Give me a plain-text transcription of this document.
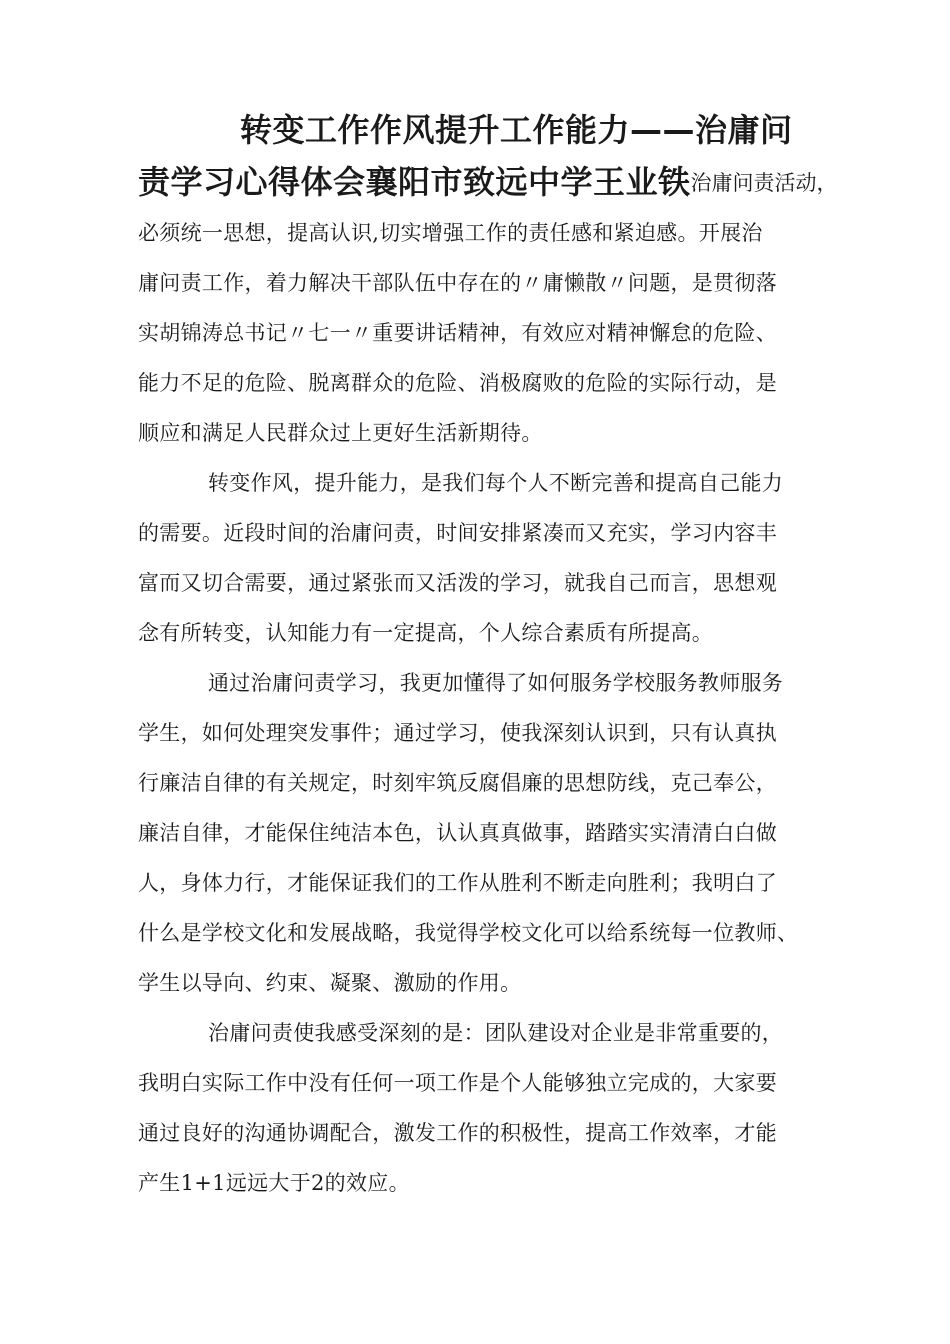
转变工作作风提升工作能力——治庸问
责学习心得体会襄阳市致远中学王业铁治庸问责活动，
必须统一思想，提高认识,切实增强工作的责任感和紧迫感。开展治
庸问责工作，着力解决干部队伍中存在的〃庸懒散〃问题，是贯彻落
实胡锦涛总书记〃七一〃重要讲话精神，有效应对精神懈怠的危险、
能力不足的危险、脱离群众的危险、消极腐败的危险的实际行动，是
顺应和满足人民群众过上更好生活新期待。
转变作风，提升能力，是我们每个人不断完善和提高自己能力
的需要。近段时间的治庸问责，时间安排紧凑而又充实，学习内容丰
富而又切合需要，通过紧张而又活泼的学习，就我自己而言，思想观
念有所转变，认知能力有一定提高，个人综合素质有所提高。
通过治庸问责学习，我更加懂得了如何服务学校服务教师服务
学生，如何处理突发事件；通过学习，使我深刻认识到，只有认真执
行廉洁自律的有关规定，时刻牢筑反腐倡廉的思想防线，克己奉公，
廉洁自律，才能保住纯洁本色，认认真真做事，踏踏实实清清白白做
人，身体力行，才能保证我们的工作从胜利不断走向胜利；我明白了
什么是学校文化和发展战略，我觉得学校文化可以给系统每一位教师、
学生以导向、约束、凝聚、激励的作用。
治庸问责使我感受深刻的是：团队建设对企业是非常重要的，
我明白实际工作中没有任何一项工作是个人能够独立完成的，大家要
通过良好的沟通协调配合，激发工作的积极性，提高工作效率，才能
产生1+1远远大于2的效应。
